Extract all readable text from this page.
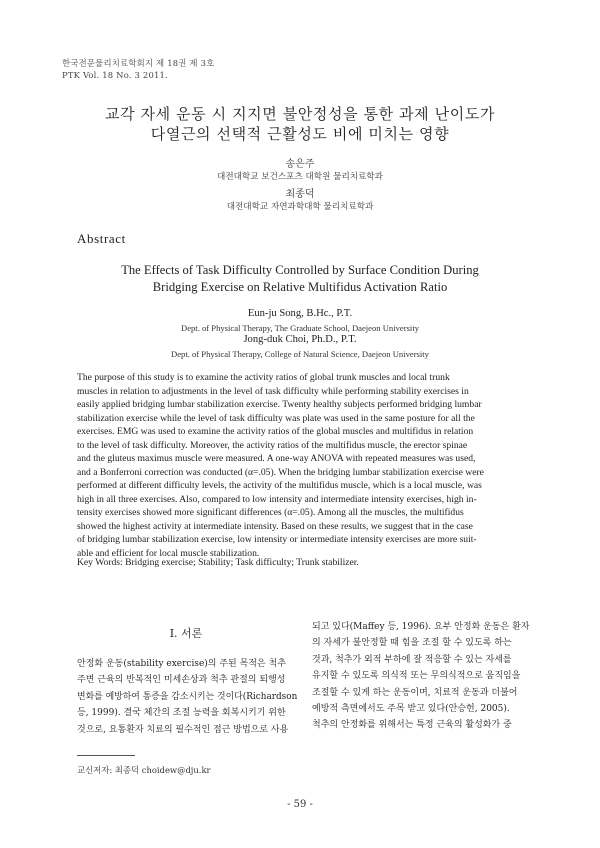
한국전문물리치료학회지 제 18권 제 3호
PTK Vol. 18 No. 3 2011.
교각 자세 운동 시 지지면 불안정성을 통한 과제 난이도가
다열근의 선택적 근활성도 비에 미치는 영향
송은주
대전대학교 보건스포츠 대학원 물리치료학과
최종덕
대전대학교 자연과학대학 물리치료학과
Abstract
The Effects of Task Difficulty Controlled by Surface Condition During
Bridging Exercise on Relative Multifidus Activation Ratio
Eun-ju Song, B.Hc., P.T.
Dept. of Physical Therapy, The Graduate School, Daejeon University
Jong-duk Choi, Ph.D., P.T.
Dept. of Physical Therapy, College of Natural Science, Daejeon University
The purpose of this study is to examine the activity ratios of global trunk muscles and local trunk
muscles in relation to adjustments in the level of task difficulty while performing stability exercises in
easily applied bridging lumbar stabilization exercise. Twenty healthy subjects performed bridging lumbar
stabilization exercise while the level of task difficulty was plate was used in the same posture for all the
exercises. EMG was used to examine the activity ratios of the global muscles and multifidus in relation
to the level of task difficulty. Moreover, the activity ratios of the multifidus muscle, the erector spinae
and the gluteus maximus muscle were measured. A one-way ANOVA with repeated measures was used,
and a Bonferroni correction was conducted (α=.05). When the bridging lumbar stabilization exercise were
performed at different difficulty levels, the activity of the multifidus muscle, which is a local muscle, was
high in all three exercises. Also, compared to low intensity and intermediate intensity exercises, high in-
tensity exercises showed more significant differences (α=.05). Among all the muscles, the multifidus
showed the highest activity at intermediate intensity. Based on these results, we suggest that in the case
of bridging lumbar stabilization exercise, low intensity or intermediate intensity exercises are more suit-
able and efficient for local muscle stabilization.
Key Words: Bridging exercise; Stability; Task difficulty; Trunk stabilizer.
Ⅰ. 서론
안정화 운동(stability exercise)의 주된 목적은 척추
주변 근육의 반복적인 미세손상과 척추 관절의 퇴행성
변화를 예방하여 통증을 감소시키는 것이다(Richardson
등, 1999). 결국 체간의 조절 능력을 회복시키기 위한
것으로, 요통환자 치료의 필수적인 접근 방법으로 사용
되고 있다(Maffey 등, 1996). 요부 안정화 운동은 환자
의 자세가 불안정할 때 힘을 조절 할 수 있도록 하는
것과, 척추가 외적 부하에 잘 적응할 수 있는 자세를
유지할 수 있도록 의식적 또는 무의식적으로 움직임을
조절할 수 있게 하는 운동이며, 치료적 운동과 더불어
예방적 측면에서도 주목 받고 있다(안승헌, 2005).
척추의 안정화를 위해서는 특정 근육의 활성화가 중
교신저자: 최종덕 choidew@dju.kr
- 59 -
